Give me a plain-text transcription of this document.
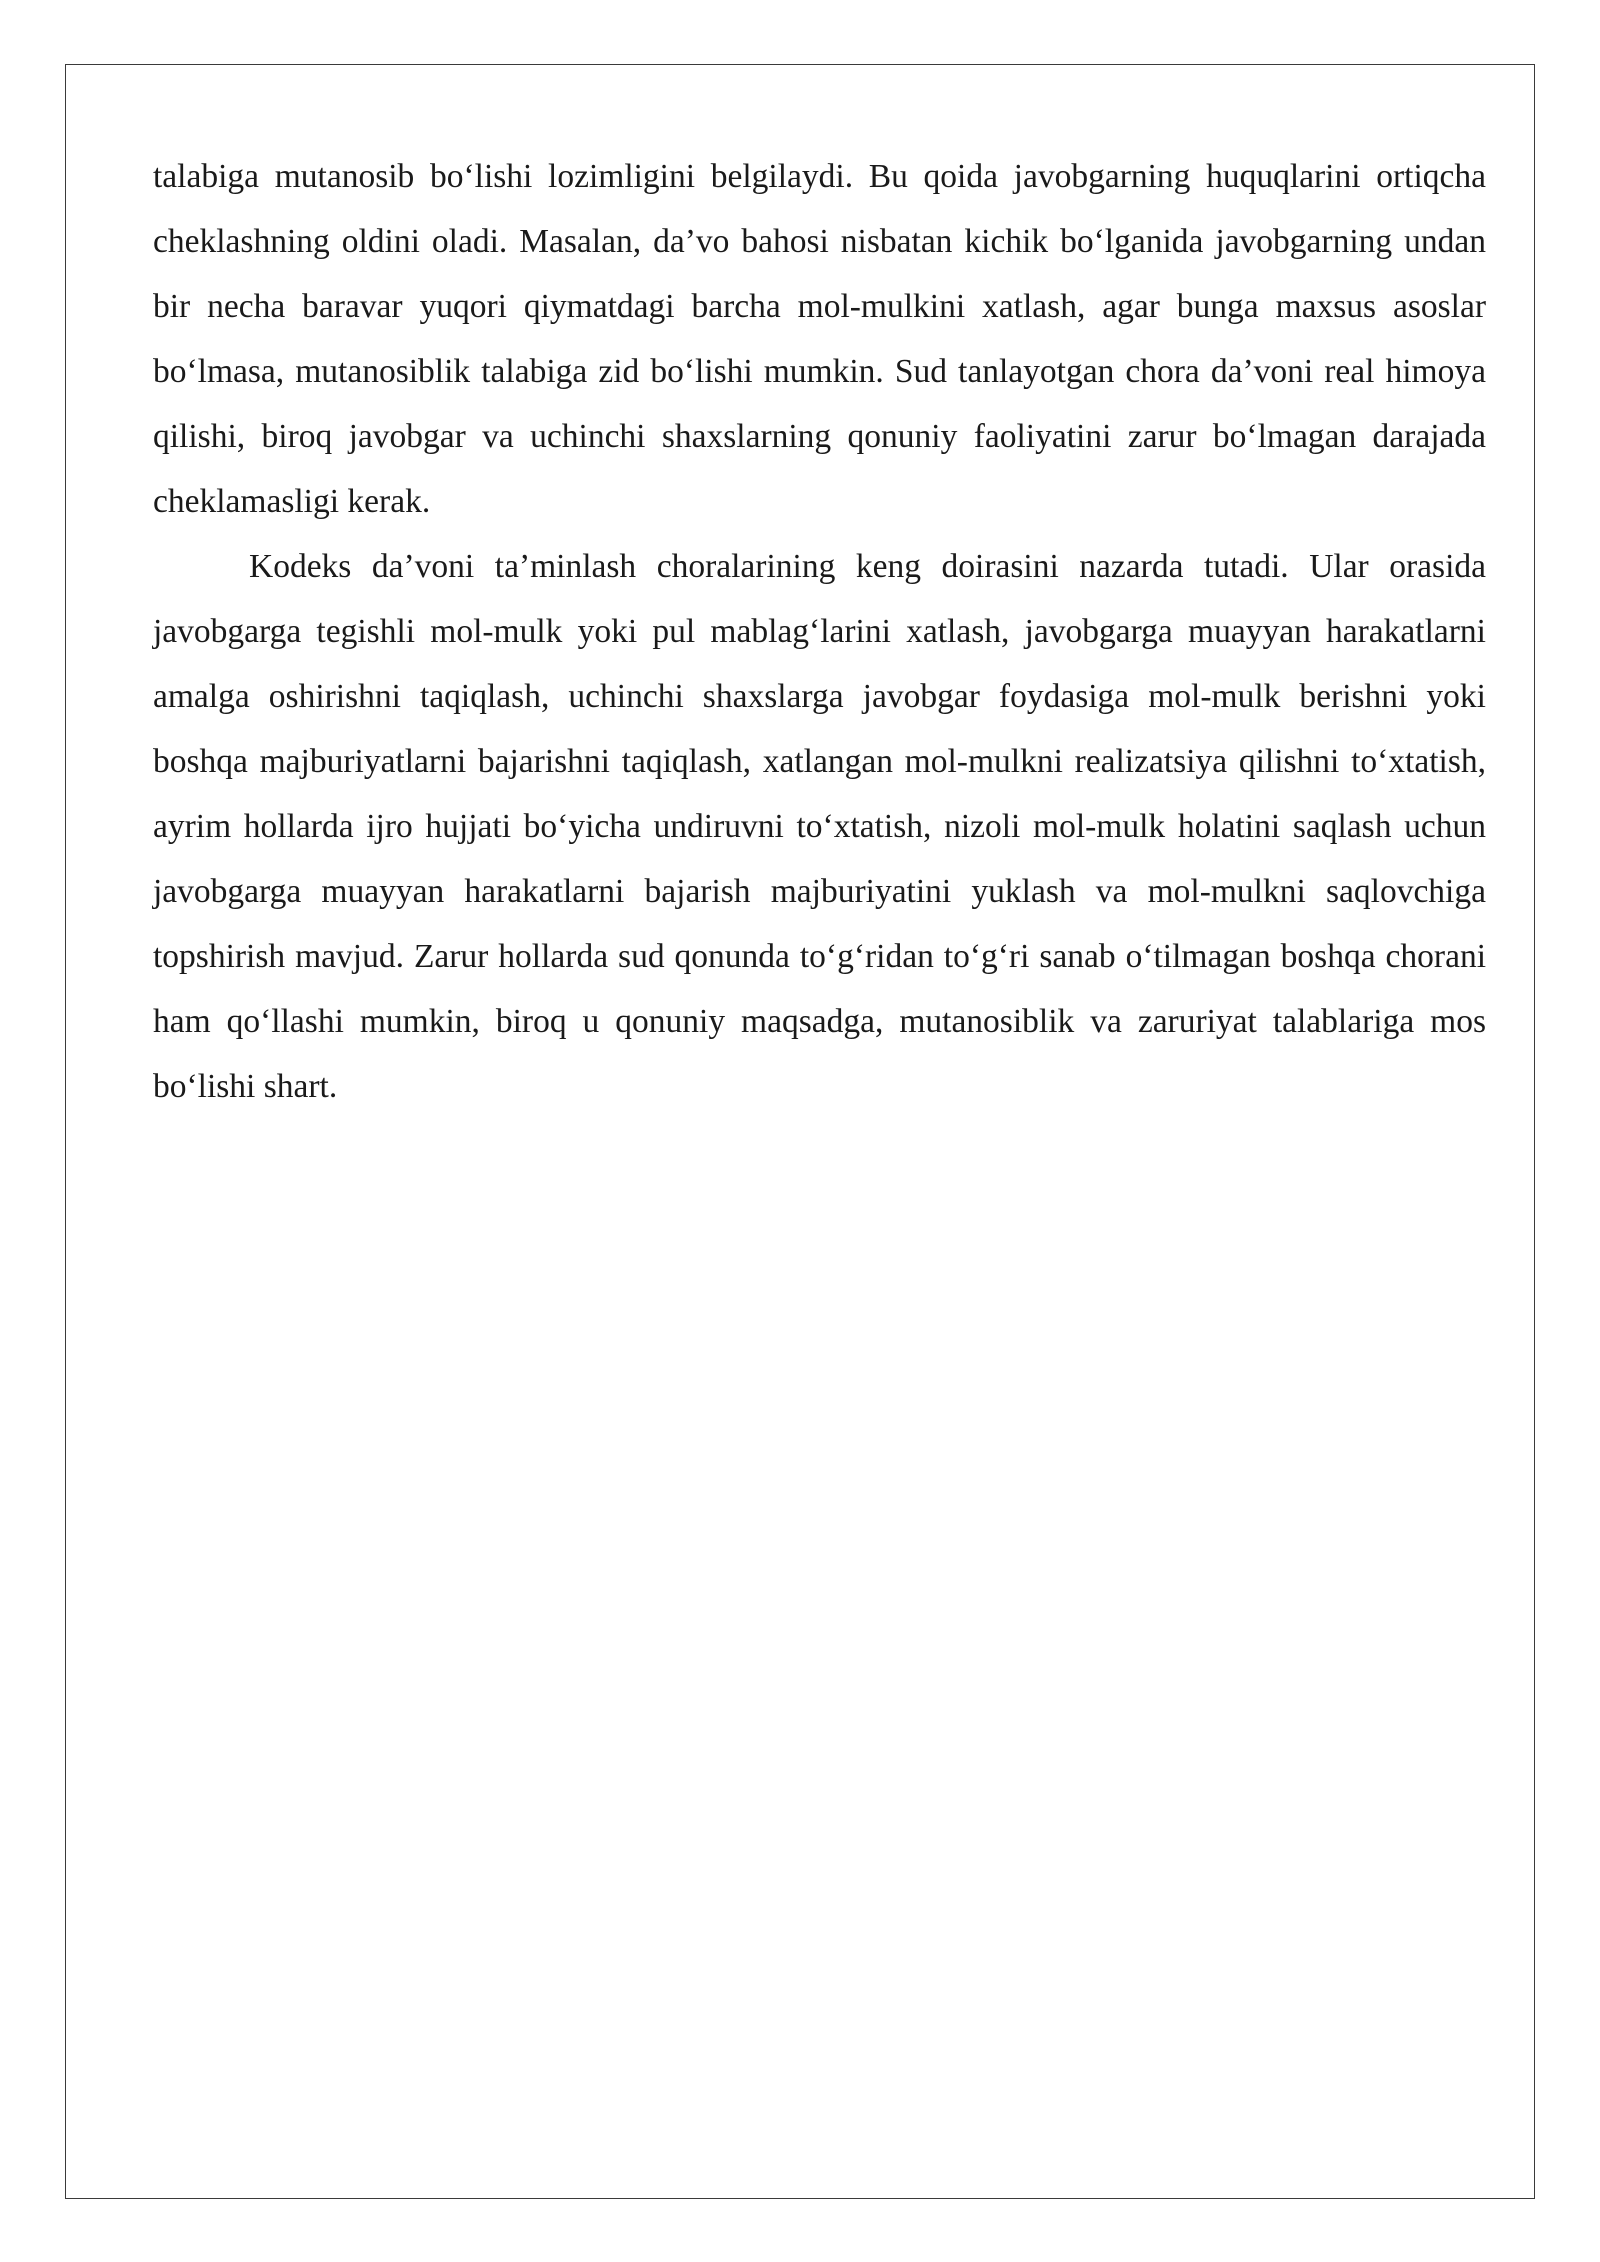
talabiga mutanosib bo‘lishi lozimligini belgilaydi. Bu qoida javobgarning huquqlarini ortiqcha cheklashning oldini oladi. Masalan, da’vo bahosi nisbatan kichik bo‘lganida javobgarning undan bir necha baravar yuqori qiymatdagi barcha mol-mulkini xatlash, agar bunga maxsus asoslar bo‘lmasa, mutanosiblik talabiga zid bo‘lishi mumkin. Sud tanlayotgan chora da’voni real himoya qilishi, biroq javobgar va uchinchi shaxslarning qonuniy faoliyatini zarur bo‘lmagan darajada cheklamasligi kerak.

Kodeks da’voni ta’minlash choralarining keng doirasini nazarda tutadi. Ular orasida javobgarga tegishli mol-mulk yoki pul mablag‘larini xatlash, javobgarga muayyan harakatlarni amalga oshirishni taqiqlash, uchinchi shaxslarga javobgar foydasiga mol-mulk berishni yoki boshqa majburiyatlarni bajarishni taqiqlash, xatlangan mol-mulkni realizatsiya qilishni to‘xtatish, ayrim hollarda ijro hujjati bo‘yicha undiruvni to‘xtatish, nizoli mol-mulk holatini saqlash uchun javobgarga muayyan harakatlarni bajarish majburiyatini yuklash va mol-mulkni saqlovchiga topshirish mavjud. Zarur hollarda sud qonunda to‘g‘ridan to‘g‘ri sanab o‘tilmagan boshqa chorani ham qo‘llashi mumkin, biroq u qonuniy maqsadga, mutanosiblik va zaruriyat talablariga mos bo‘lishi shart.
